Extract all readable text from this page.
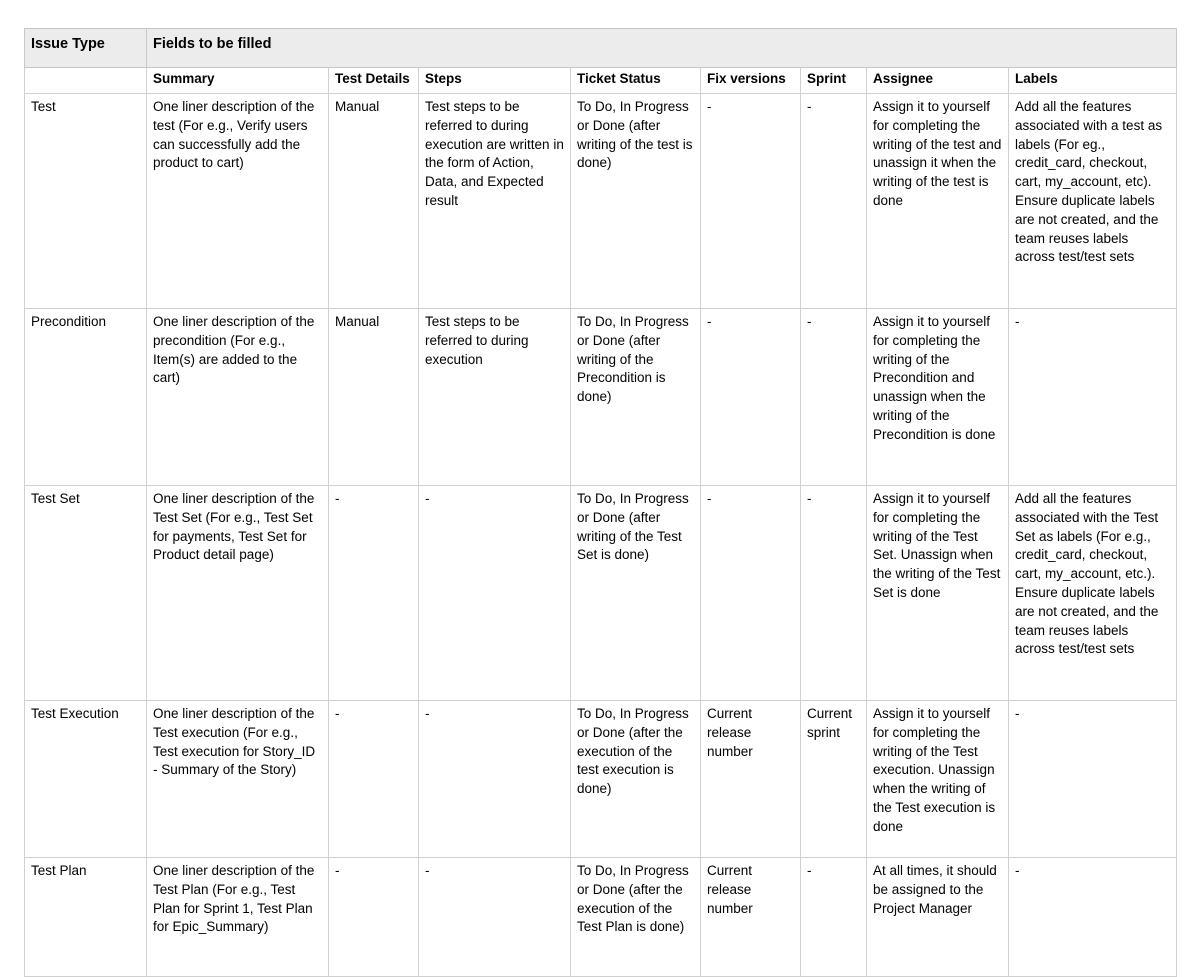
Issue Type	Fields to be filled							
	Summary	Test Details	Steps	Ticket Status	Fix versions	Sprint	Assignee	Labels
Test	One liner description of the test (For e.g., Verify users can successfully add the product to cart)	Manual	Test steps to be referred to during execution are written in the form of Action, Data, and Expected result	To Do, In Progress or Done (after writing of the test is done)	-	-	Assign it to yourself for completing the writing of the test and unassign it when the writing of the test is done	Add all the features associated with a test as labels (For eg., credit_card, checkout, cart, my_account, etc). Ensure duplicate labels are not created, and the team reuses labels across test/test sets
Precondition	One liner description of the precondition (For e.g., Item(s) are added to the cart)	Manual	Test steps to be referred to during execution	To Do, In Progress or Done (after writing of the Precondition is done)	-	-	Assign it to yourself for completing the writing of the Precondition and unassign when the writing of the Precondition is done	-
Test Set	One liner description of the Test Set (For e.g., Test Set for payments, Test Set for Product detail page)	-	-	To Do, In Progress or Done (after writing of the Test Set is done)	-	-	Assign it to yourself for completing the writing of the Test Set. Unassign when the writing of the Test Set is done	Add all the features associated with the Test Set as labels (For e.g., credit_card, checkout, cart, my_account, etc.). Ensure duplicate labels are not created, and the team reuses labels across test/test sets
Test Execution	One liner description of the Test execution (For e.g., Test execution for Story_ID - Summary of the Story)	-	-	To Do, In Progress or Done (after the execution of the test execution is done)	Current release number	Current sprint	Assign it to yourself for completing the writing of the Test execution. Unassign when the writing of the Test execution is done	-
Test Plan	One liner description of the Test Plan (For e.g., Test Plan for Sprint 1, Test Plan for Epic_Summary)	-	-	To Do, In Progress or Done (after the execution of the Test Plan is done)	Current release number	-	At all times, it should be assigned to the Project Manager	-
